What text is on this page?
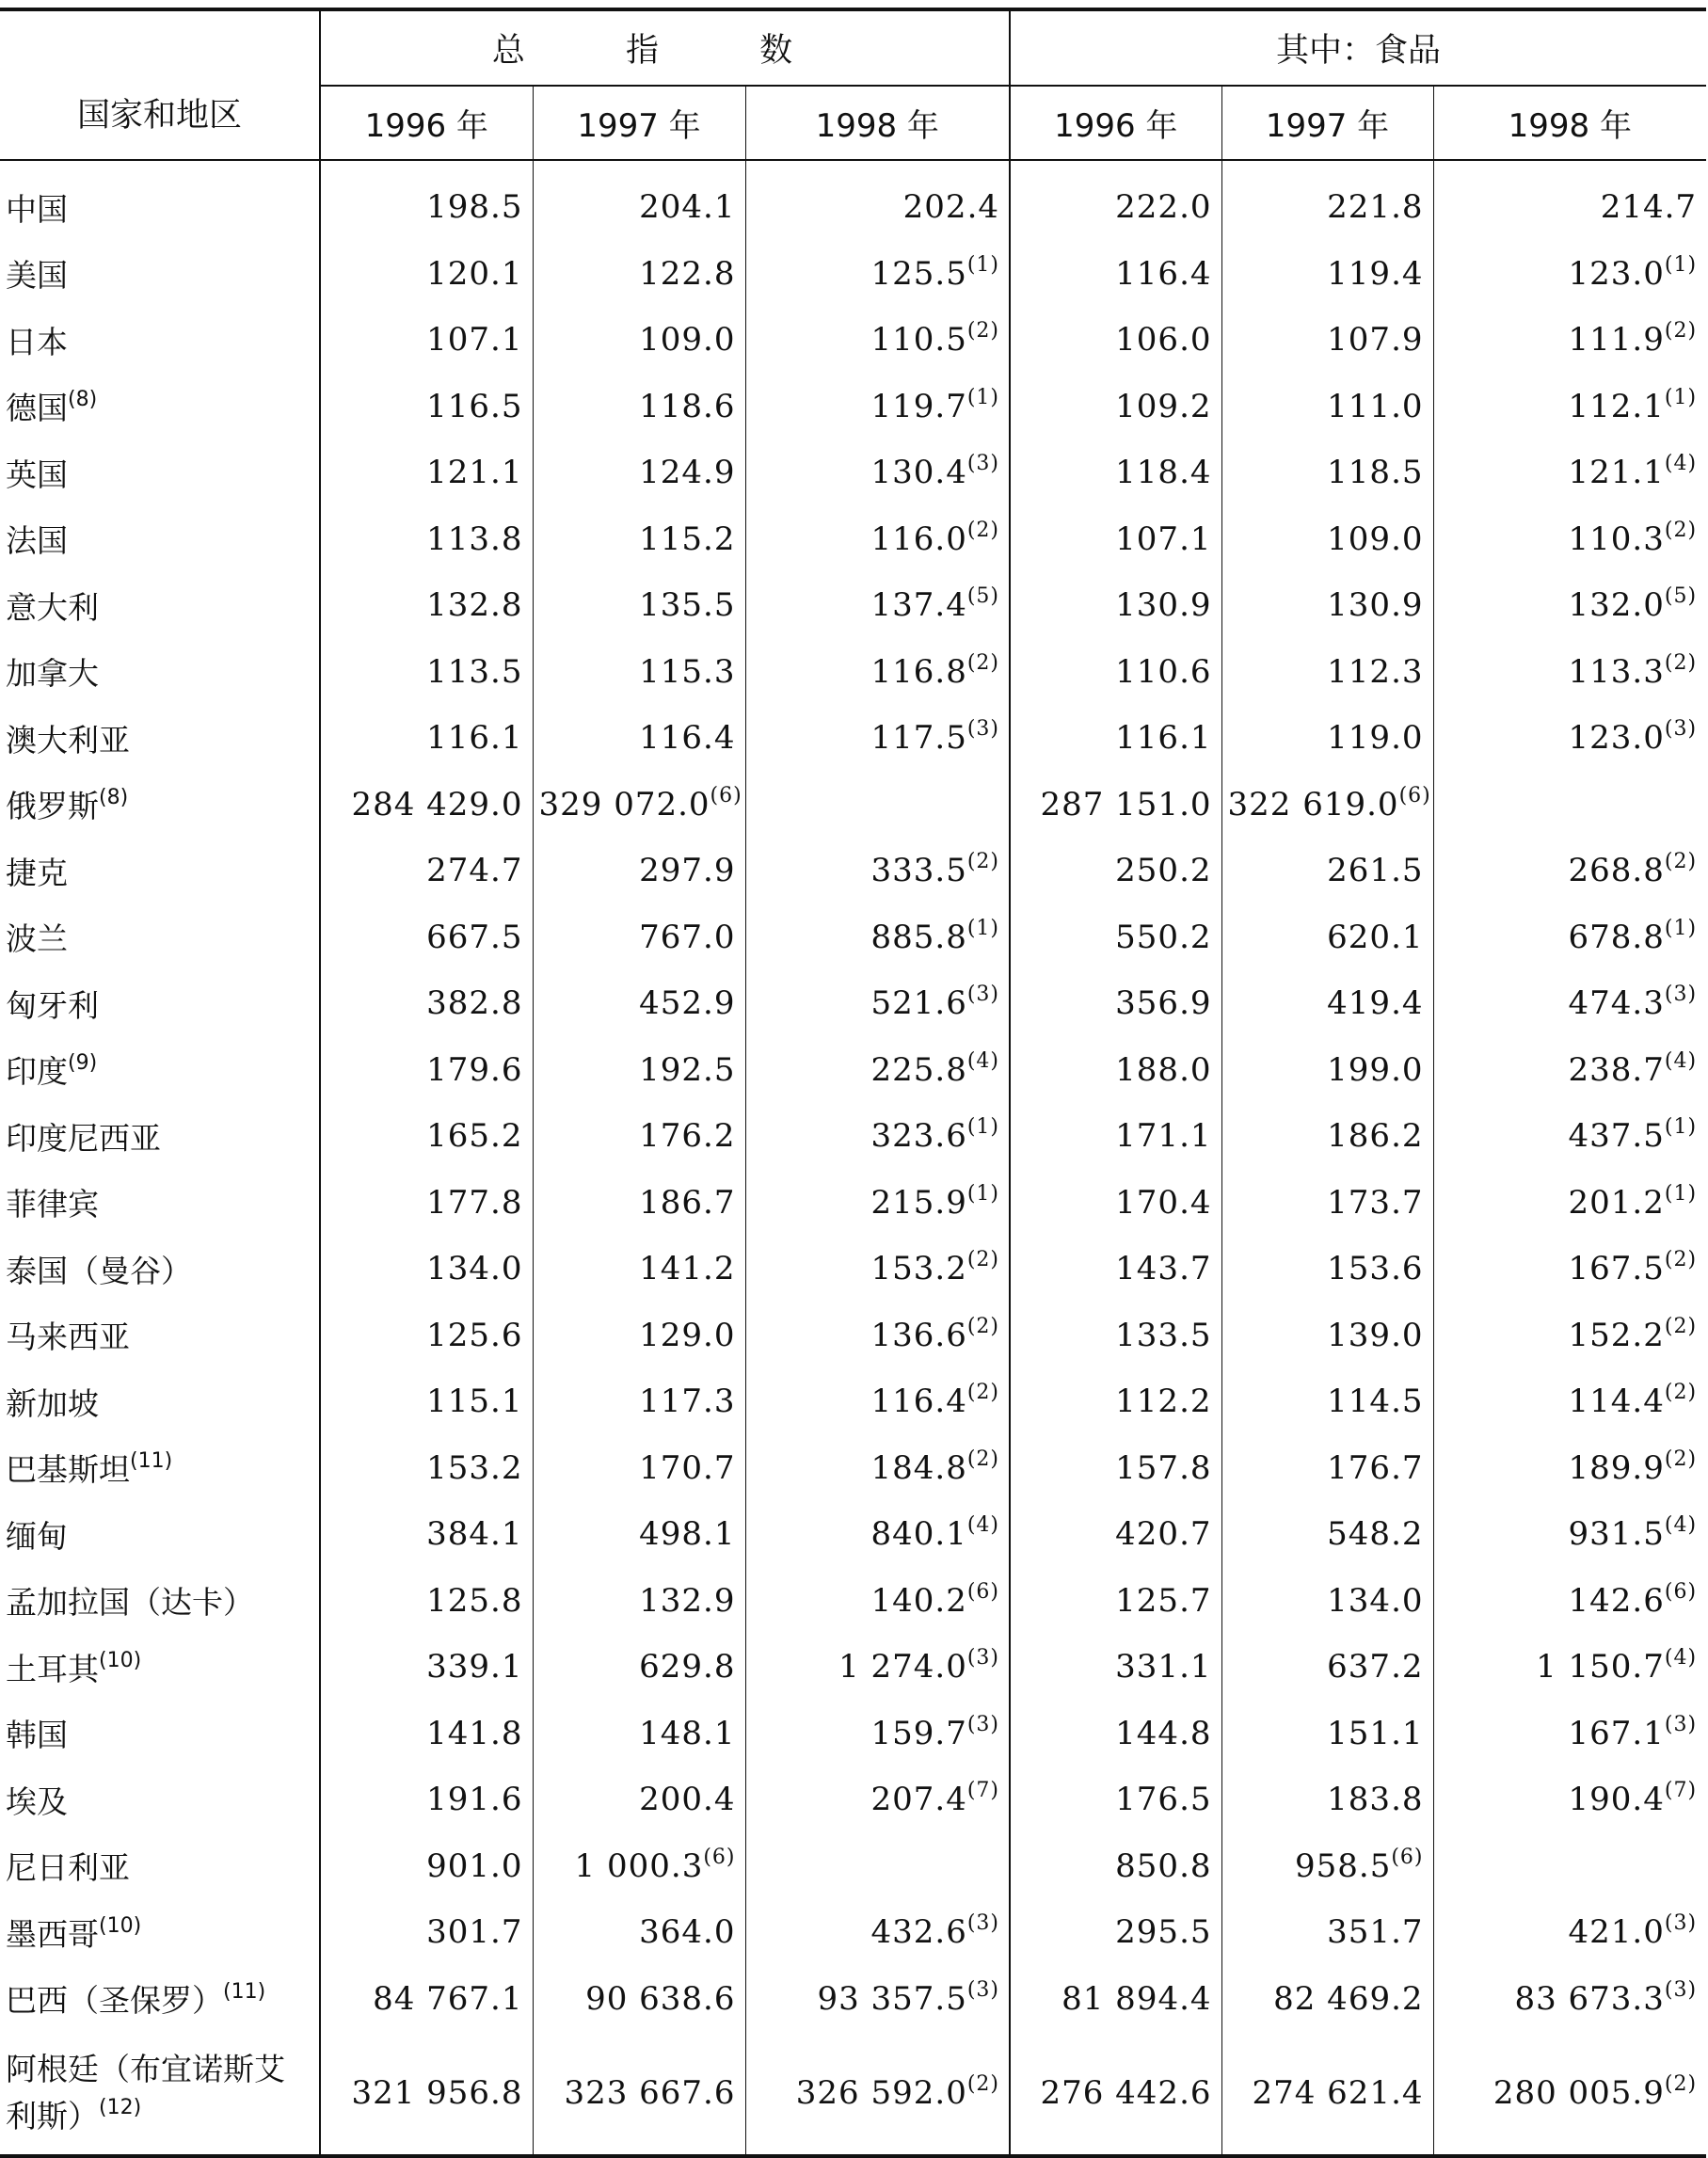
国家和地区	总 指 数			其中：食品		
	1996 年	1997 年	1998 年	1996 年	1997 年	1998 年
中国	198.5	204.1	202.4	222.0	221.8	214.7
美国	120.1	122.8	125.5$^{(1)}$	116.4	119.4	123.0$^{(1)}$
日本	107.1	109.0	110.5$^{(2)}$	106.0	107.9	111.9$^{(2)}$
德国$^{(8)}$	116.5	118.6	119.7$^{(1)}$	109.2	111.0	112.1$^{(1)}$
英国	121.1	124.9	130.4$^{(3)}$	118.4	118.5	121.1$^{(4)}$
法国	113.8	115.2	116.0$^{(2)}$	107.1	109.0	110.3$^{(2)}$
意大利	132.8	135.5	137.4$^{(5)}$	130.9	130.9	132.0$^{(5)}$
加拿大	113.5	115.3	116.8$^{(2)}$	110.6	112.3	113.3$^{(2)}$
澳大利亚	116.1	116.4	117.5$^{(3)}$	116.1	119.0	123.0$^{(3)}$
俄罗斯$^{(8)}$	284 429.0	329 072.0$^{(6)}$		287 151.0	322 619.0$^{(6)}$	
捷克	274.7	297.9	333.5$^{(2)}$	250.2	261.5	268.8$^{(2)}$
波兰	667.5	767.0	885.8$^{(1)}$	550.2	620.1	678.8$^{(1)}$
匈牙利	382.8	452.9	521.6$^{(3)}$	356.9	419.4	474.3$^{(3)}$
印度$^{(9)}$	179.6	192.5	225.8$^{(4)}$	188.0	199.0	238.7$^{(4)}$
印度尼西亚	165.2	176.2	323.6$^{(1)}$	171.1	186.2	437.5$^{(1)}$
菲律宾	177.8	186.7	215.9$^{(1)}$	170.4	173.7	201.2$^{(1)}$
泰国（曼谷）	134.0	141.2	153.2$^{(2)}$	143.7	153.6	167.5$^{(2)}$
马来西亚	125.6	129.0	136.6$^{(2)}$	133.5	139.0	152.2$^{(2)}$
新加坡	115.1	117.3	116.4$^{(2)}$	112.2	114.5	114.4$^{(2)}$
巴基斯坦$^{(11)}$	153.2	170.7	184.8$^{(2)}$	157.8	176.7	189.9$^{(2)}$
缅甸	384.1	498.1	840.1$^{(4)}$	420.7	548.2	931.5$^{(4)}$
孟加拉国（达卡）	125.8	132.9	140.2$^{(6)}$	125.7	134.0	142.6$^{(6)}$
土耳其$^{(10)}$	339.1	629.8	1 274.0$^{(3)}$	331.1	637.2	1 150.7$^{(4)}$
韩国	141.8	148.1	159.7$^{(3)}$	144.8	151.1	167.1$^{(3)}$
埃及	191.6	200.4	207.4$^{(7)}$	176.5	183.8	190.4$^{(7)}$
尼日利亚	901.0	1 000.3$^{(6)}$		850.8	958.5$^{(6)}$	
墨西哥$^{(10)}$	301.7	364.0	432.6$^{(3)}$	295.5	351.7	421.0$^{(3)}$
巴西（圣保罗）$^{(11)}$	84 767.1	90 638.6	93 357.5$^{(3)}$	81 894.4	82 469.2	83 673.3$^{(3)}$
阿根廷（布宜诺斯艾利斯）$^{(12)}$	321 956.8	323 667.6	326 592.0$^{(2)}$	276 442.6	274 621.4	280 005.9$^{(2)}$
